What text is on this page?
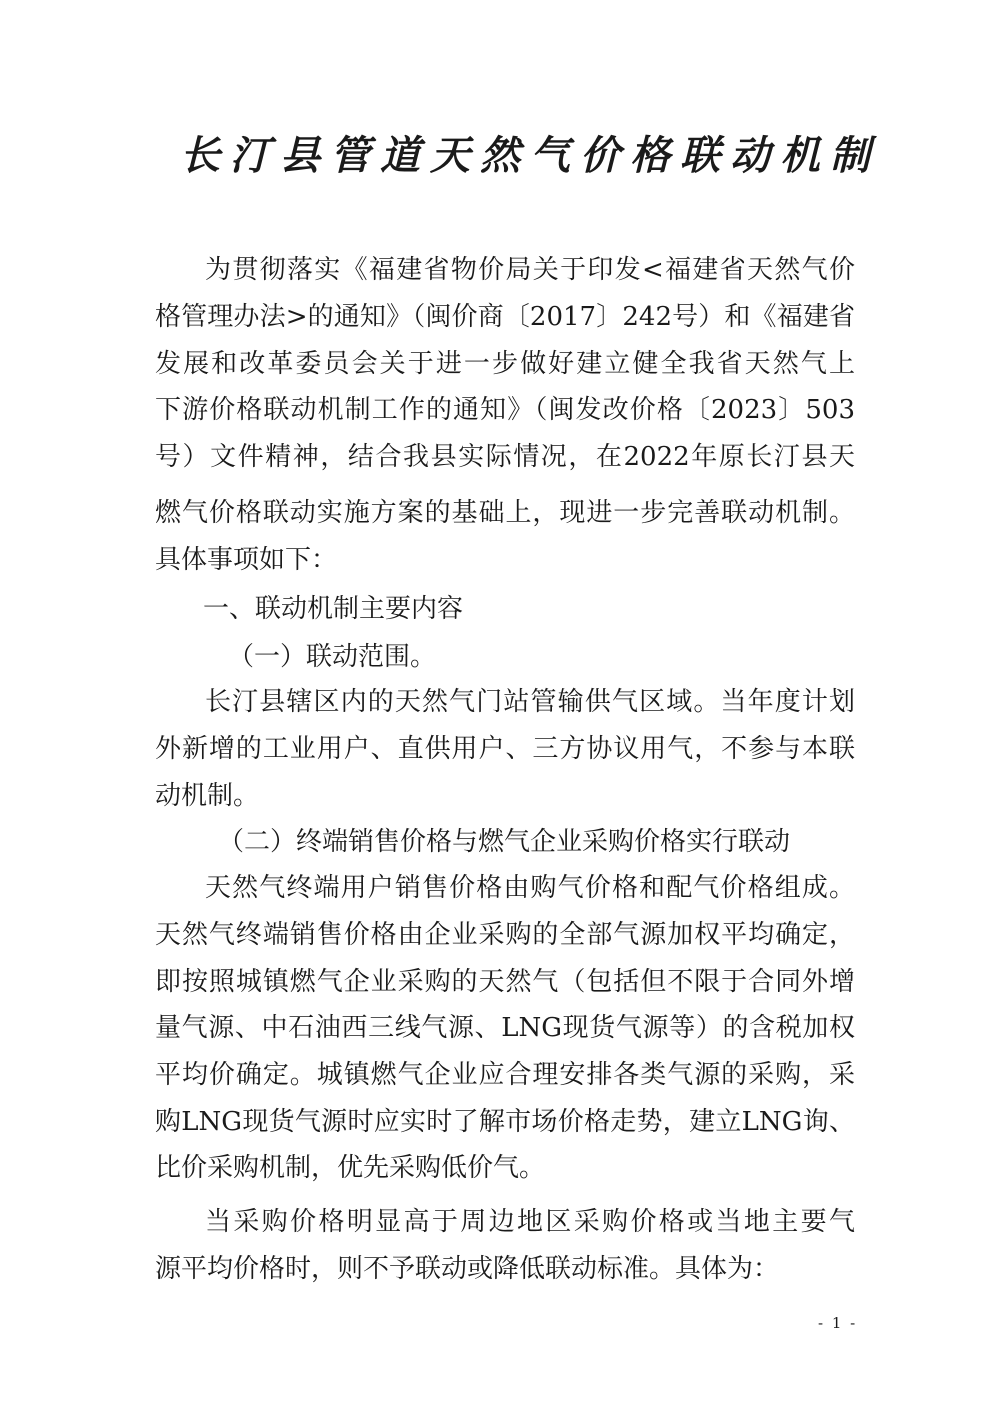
长汀县管道天然气价格联动机制
为贯彻落实《福建省物价局关于印发<福建省天然气价
格管理办法>的通知》（闽价商〔2017〕242号）和《福建省
发展和改革委员会关于进一步做好建立健全我省天然气上
下游价格联动机制工作的通知》（闽发改价格〔2023〕503
号）文件精神，结合我县实际情况，在2022年原长汀县天
燃气价格联动实施方案的基础上，现进一步完善联动机制。
具体事项如下：
一、联动机制主要内容
（一）联动范围。
长汀县辖区内的天然气门站管输供气区域。当年度计划
外新增的工业用户、直供用户、三方协议用气，不参与本联
动机制。
（二）终端销售价格与燃气企业采购价格实行联动
天然气终端用户销售价格由购气价格和配气价格组成。
天然气终端销售价格由企业采购的全部气源加权平均确定，
即按照城镇燃气企业采购的天然气（包括但不限于合同外增
量气源、中石油西三线气源、LNG现货气源等）的含税加权
平均价确定。城镇燃气企业应合理安排各类气源的采购，采
购LNG现货气源时应实时了解市场价格走势，建立LNG询、
比价采购机制，优先采购低价气。
当采购价格明显高于周边地区采购价格或当地主要气
源平均价格时，则不予联动或降低联动标准。具体为：
- 1 -
